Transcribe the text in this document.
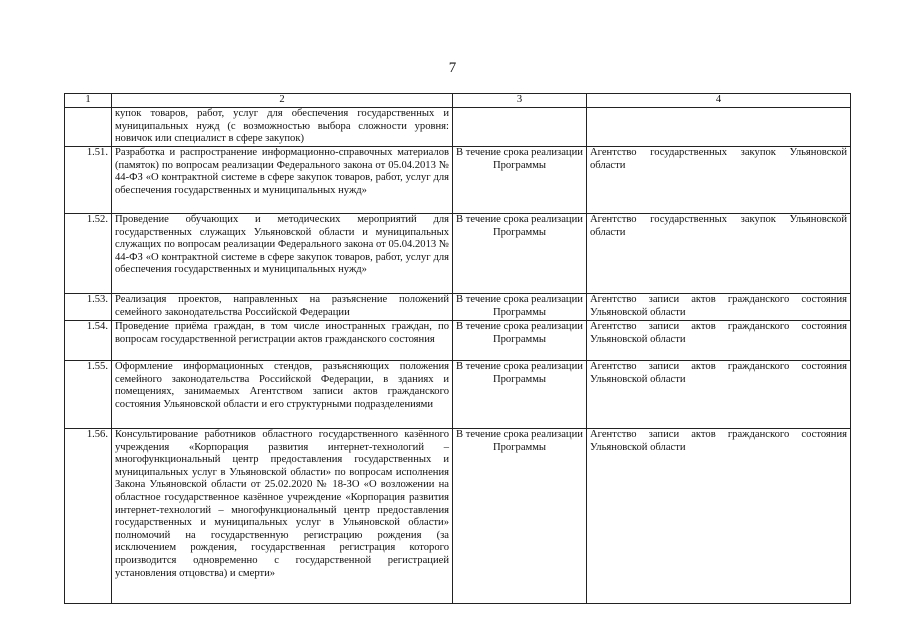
7
1	2	3	4
	купок товаров, работ, услуг для обеспечения государственных и муниципальных нужд (с возможностью выбора сложности уровня: новичок или специалист в сфере закупок)		
1.51.	Разработка и распространение информационно-справочных материалов (памяток) по вопросам реализации Федерального закона от 05.04.2013 № 44-ФЗ «О контрактной системе в сфере закупок товаров, работ, услуг для обеспечения государственных и муниципальных нужд»	В течение срока реализации Программы	Агентство государственных закупок Ульяновской области
1.52.	Проведение обучающих и методических мероприятий для государственных служащих Ульяновской области и муниципальных служащих по вопросам реализации Федерального закона от 05.04.2013 № 44-ФЗ «О контрактной системе в сфере закупок товаров, работ, услуг для обеспечения государственных и муниципальных нужд»	В течение срока реализации Программы	Агентство государственных закупок Ульяновской области
1.53.	Реализация проектов, направленных на разъяснение положений семейного законодательства Российской Федерации	В течение срока реализации Программы	Агентство записи актов гражданского состояния Ульяновской области
1.54.	Проведение приёма граждан, в том числе иностранных граждан, по вопросам государственной регистрации актов гражданского состояния	В течение срока реализации Программы	Агентство записи актов гражданского состояния Ульяновской области
1.55.	Оформление информационных стендов, разъясняющих положения семейного законодательства Российской Федерации, в зданиях и помещениях, занимаемых Агентством записи актов гражданского состояния Ульяновской области и его структурными подразделениями	В течение срока реализации Программы	Агентство записи актов гражданского состояния Ульяновской области
1.56.	Консультирование работников областного государственного казённого учреждения «Корпорация развития интернет-технологий – многофункциональный центр предоставления государственных и муниципальных услуг в Ульяновской области» по вопросам исполнения Закона Ульяновской области от 25.02.2020 № 18-ЗО «О возложении на областное государственное казённое учреждение «Корпорация развития интернет-технологий – многофункциональный центр предоставления государственных и муниципальных услуг в Ульяновской области» полномочий на государственную регистрацию рождения (за исключением рождения, государственная регистрация которого производится одновременно с государственной регистрацией установления отцовства) и смерти»	В течение срока реализации Программы	Агентство записи актов гражданского состояния Ульяновской области
